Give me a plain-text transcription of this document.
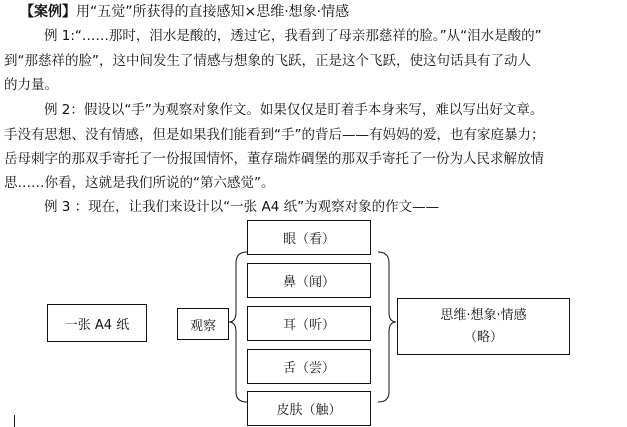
【案例】用“五觉”所获得的直接感知×思维·想象·情感
例 1:“……那时，泪水是酸的，透过它，我看到了母亲那慈祥的脸。”从“泪水是酸的”
到“那慈祥的脸”，这中间发生了情感与想象的飞跃，正是这个飞跃，使这句话具有了动人
的力量。
例 2：假设以“手”为观察对象作文。如果仅仅是盯着手本身来写，难以写出好文章。
手没有思想、没有情感，但是如果我们能看到“手”的背后——有妈妈的爱，也有家庭暴力；
岳母刺字的那双手寄托了一份报国情怀，董存瑞炸碉堡的那双手寄托了一份为人民求解放情
思……你看，这就是我们所说的“第六感觉”。
例 3 ：现在，让我们来设计以“一张 A4 纸”为观察对象的作文——
一张 A4 纸	观察
眼（看）
鼻（闻）
耳（听）
舌（尝）
皮肤（触）
思维·想象·情感
（略）
